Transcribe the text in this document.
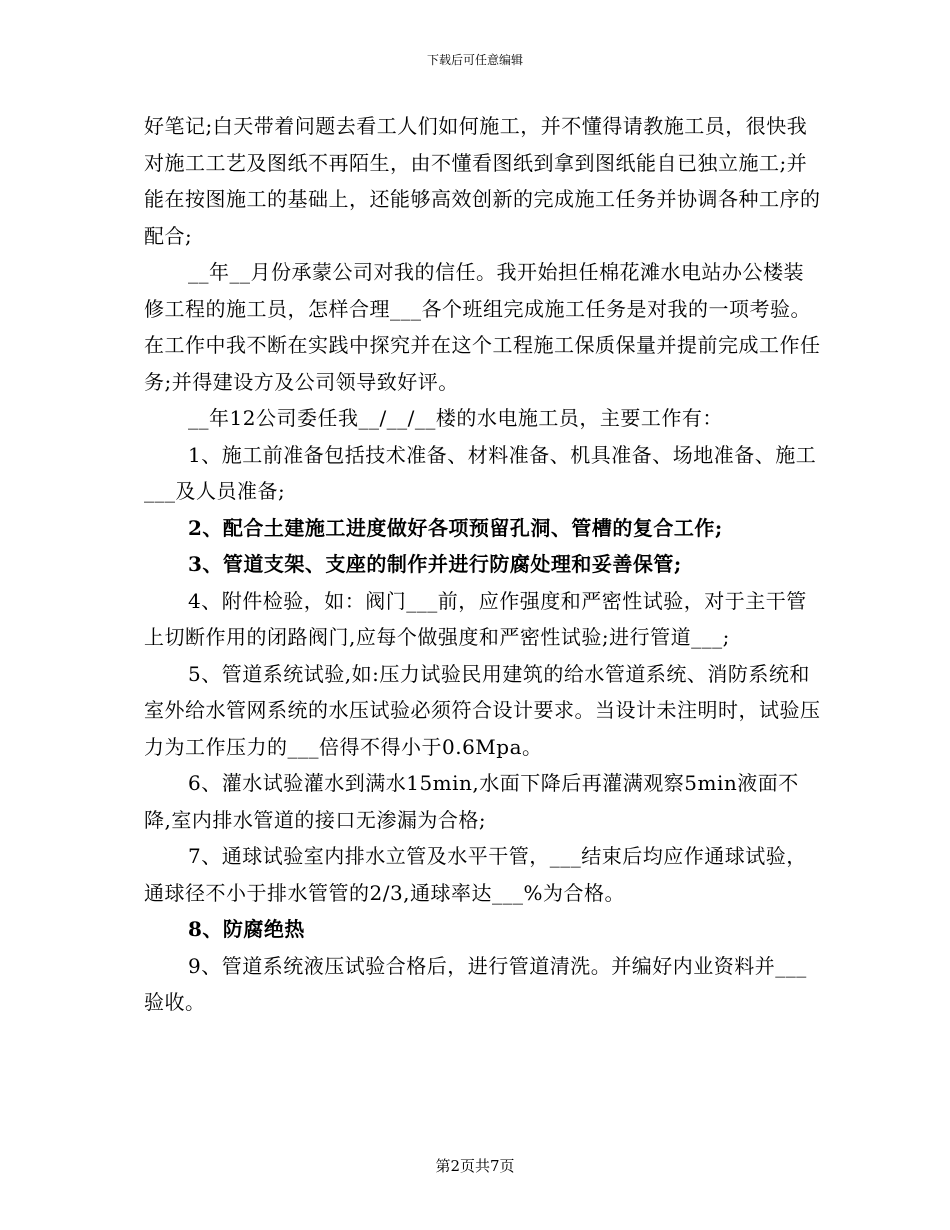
下载后可任意编辑

好笔记;白天带着问题去看工人们如何施工，并不懂得请教施工员，很快我对施工工艺及图纸不再陌生，由不懂看图纸到拿到图纸能自已独立施工;并能在按图施工的基础上，还能够高效创新的完成施工任务并协调各种工序的配合;

__年__月份承蒙公司对我的信任。我开始担任棉花滩水电站办公楼装修工程的施工员，怎样合理___各个班组完成施工任务是对我的一项考验。在工作中我不断在实践中探究并在这个工程施工保质保量并提前完成工作任务;并得建设方及公司领导致好评。

__年12公司委任我__/__/__楼的水电施工员，主要工作有：

1、施工前准备包括技术准备、材料准备、机具准备、场地准备、施工___及人员准备;

2、配合土建施工进度做好各项预留孔洞、管槽的复合工作;

3、管道支架、支座的制作并进行防腐处理和妥善保管;

4、附件检验，如：阀门___前，应作强度和严密性试验，对于主干管上切断作用的闭路阀门,应每个做强度和严密性试验;进行管道___;

5、管道系统试验,如:压力试验民用建筑的给水管道系统、消防系统和室外给水管网系统的水压试验必须符合设计要求。当设计未注明时，试验压力为工作压力的___倍得不得小于0.6Mpa。

6、灌水试验灌水到满水15min,水面下降后再灌满观察5min液面不降,室内排水管道的接口无渗漏为合格;

7、通球试验室内排水立管及水平干管，___结束后均应作通球试验，通球径不小于排水管管的2/3,通球率达___%为合格。

8、防腐绝热

9、管道系统液压试验合格后，进行管道清洗。并编好内业资料并___验收。

第2页共7页
